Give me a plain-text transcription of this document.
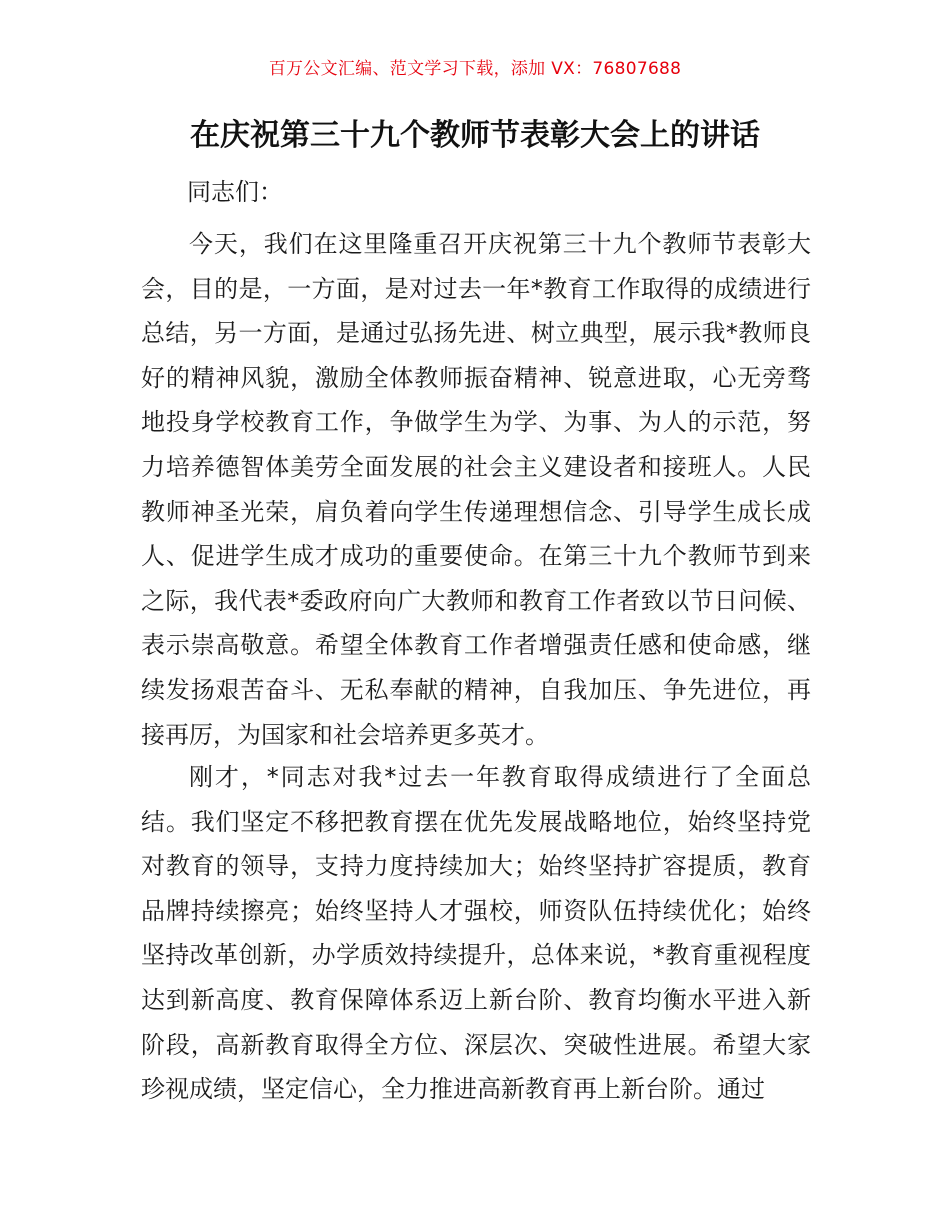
百万公文汇编、范文学习下载，添加 VX：76807688
在庆祝第三十九个教师节表彰大会上的讲话
同志们：

今天，我们在这里隆重召开庆祝第三十九个教师节表彰大会，目的是，一方面，是对过去一年*教育工作取得的成绩进行总结，另一方面，是通过弘扬先进、树立典型，展示我*教师良好的精神风貌，激励全体教师振奋精神、锐意进取，心无旁骛地投身学校教育工作，争做学生为学、为事、为人的示范，努力培养德智体美劳全面发展的社会主义建设者和接班人。人民教师神圣光荣，肩负着向学生传递理想信念、引导学生成长成人、促进学生成才成功的重要使命。在第三十九个教师节到来之际，我代表*委政府向广大教师和教育工作者致以节日问候、表示崇高敬意。希望全体教育工作者增强责任感和使命感，继续发扬艰苦奋斗、无私奉献的精神，自我加压、争先进位，再接再厉，为国家和社会培养更多英才。

刚才，*同志对我*过去一年教育取得成绩进行了全面总结。我们坚定不移把教育摆在优先发展战略地位，始终坚持党对教育的领导，支持力度持续加大；始终坚持扩容提质，教育品牌持续擦亮；始终坚持人才强校，师资队伍持续优化；始终坚持改革创新，办学质效持续提升，总体来说，*教育重视程度达到新高度、教育保障体系迈上新台阶、教育均衡水平进入新阶段，高新教育取得全方位、深层次、突破性进展。希望大家珍视成绩，坚定信心，全力推进高新教育再上新台阶。通过
